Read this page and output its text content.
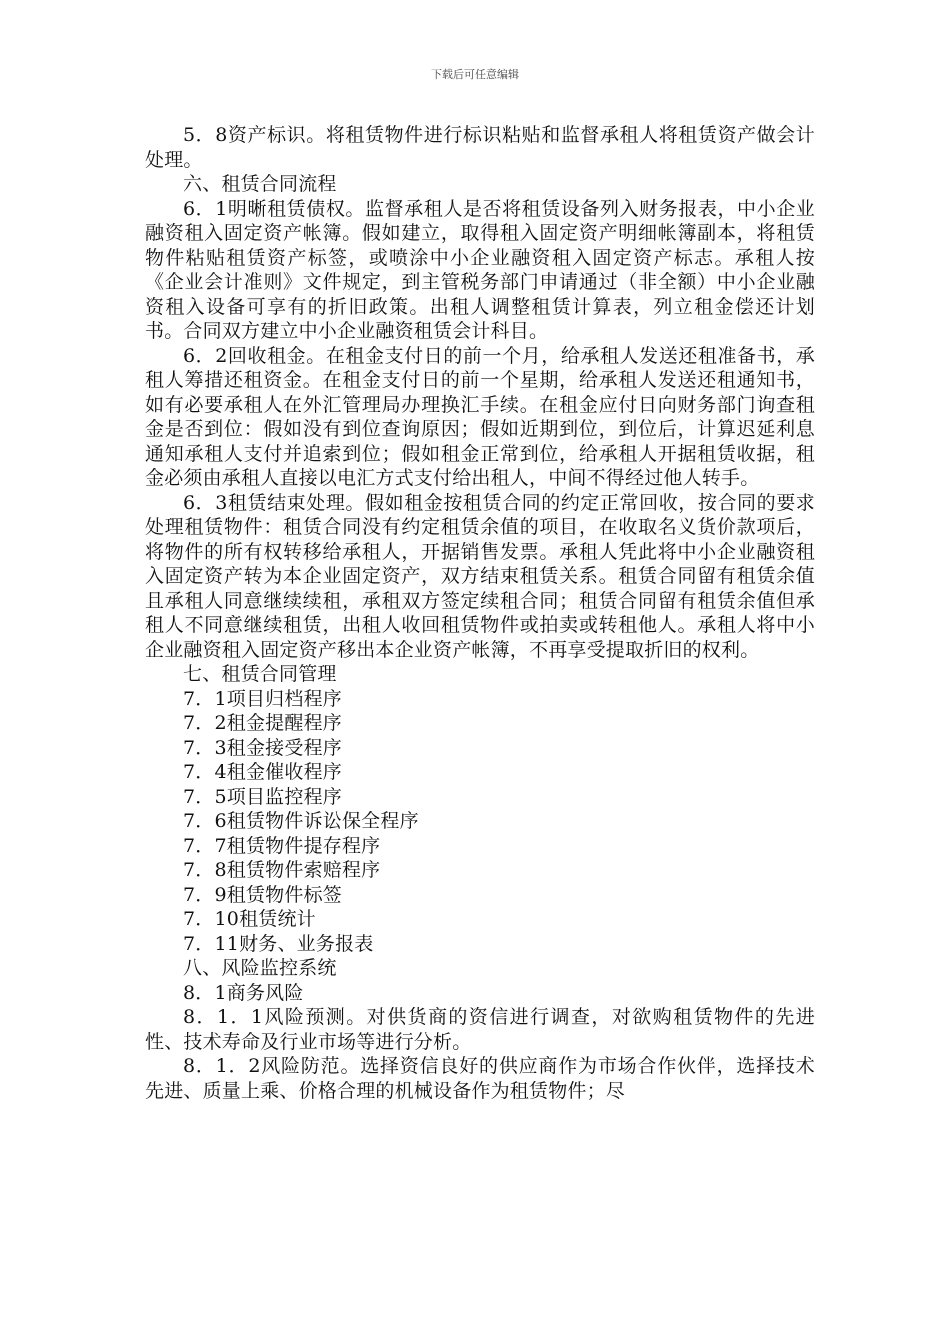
下载后可任意编辑

5．8资产标识。将租赁物件进行标识粘贴和监督承租人将租赁资产做会计处理。

六、租赁合同流程

6．1明晰租赁债权。监督承租人是否将租赁设备列入财务报表，中小企业融资租入固定资产帐簿。假如建立，取得租入固定资产明细帐簿副本，将租赁物件粘贴租赁资产标签，或喷涂中小企业融资租入固定资产标志。承租人按《企业会计准则》文件规定，到主管税务部门申请通过（非全额）中小企业融资租入设备可享有的折旧政策。出租人调整租赁计算表，列立租金偿还计划书。合同双方建立中小企业融资租赁会计科目。

6．2回收租金。在租金支付日的前一个月，给承租人发送还租准备书，承租人筹措还租资金。在租金支付日的前一个星期，给承租人发送还租通知书，如有必要承租人在外汇管理局办理换汇手续。在租金应付日向财务部门询查租金是否到位：假如没有到位查询原因；假如近期到位，到位后，计算迟延利息通知承租人支付并追索到位；假如租金正常到位，给承租人开据租赁收据，租金必须由承租人直接以电汇方式支付给出租人，中间不得经过他人转手。

6．3租赁结束处理。假如租金按租赁合同的约定正常回收，按合同的要求处理租赁物件：租赁合同没有约定租赁余值的项目，在收取名义货价款项后，将物件的所有权转移给承租人，开据销售发票。承租人凭此将中小企业融资租入固定资产转为本企业固定资产，双方结束租赁关系。租赁合同留有租赁余值且承租人同意继续续租，承租双方签定续租合同；租赁合同留有租赁余值但承租人不同意继续租赁，出租人收回租赁物件或拍卖或转租他人。承租人将中小企业融资租入固定资产移出本企业资产帐簿，不再享受提取折旧的权利。

七、租赁合同管理

7．1项目归档程序

7．2租金提醒程序

7．3租金接受程序

7．4租金催收程序

7．5项目监控程序

7．6租赁物件诉讼保全程序

7．7租赁物件提存程序

7．8租赁物件索赔程序

7．9租赁物件标签

7．10租赁统计

7．11财务、业务报表

八、风险监控系统

8．1商务风险

8．1．1风险预测。对供货商的资信进行调查，对欲购租赁物件的先进性、技术寿命及行业市场等进行分析。

8．1．2风险防范。选择资信良好的供应商作为市场合作伙伴，选择技术先进、质量上乘、价格合理的机械设备作为租赁物件；尽
